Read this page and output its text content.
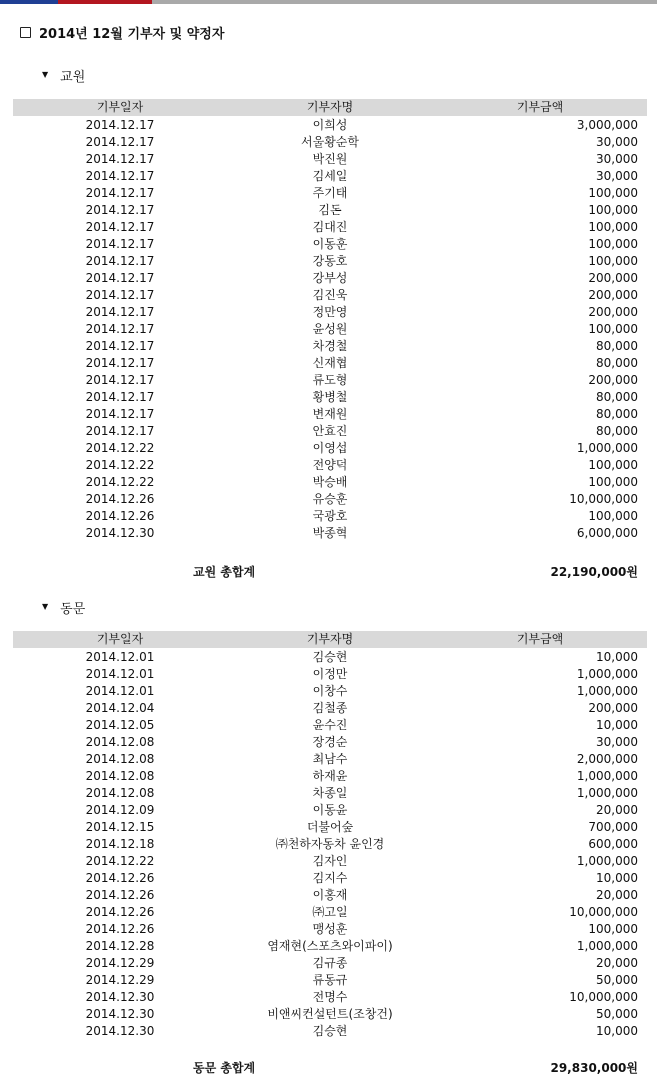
2014년 12월 기부자 및 약정자
▼ 교원
기부일자	기부자명	기부금액
2014.12.17	이희성	3,000,000
2014.12.17	서울황순학	30,000
2014.12.17	박진원	30,000
2014.12.17	김세일	30,000
2014.12.17	주기태	100,000
2014.12.17	김돈	100,000
2014.12.17	김대진	100,000
2014.12.17	이동훈	100,000
2014.12.17	강동호	100,000
2014.12.17	강부성	200,000
2014.12.17	김진욱	200,000
2014.12.17	정만영	200,000
2014.12.17	윤성원	100,000
2014.12.17	차경철	80,000
2014.12.17	신재협	80,000
2014.12.17	류도형	200,000
2014.12.17	황병철	80,000
2014.12.17	변재원	80,000
2014.12.17	안효진	80,000
2014.12.22	이영섭	1,000,000
2014.12.22	전양덕	100,000
2014.12.22	박승배	100,000
2014.12.26	유승훈	10,000,000
2014.12.26	국광호	100,000
2014.12.30	박종혁	6,000,000
교원 총합계	22,190,000원
▼ 동문
기부일자	기부자명	기부금액
2014.12.01	김승현	10,000
2014.12.01	이정만	1,000,000
2014.12.01	이창수	1,000,000
2014.12.04	김철종	200,000
2014.12.05	윤수진	10,000
2014.12.08	장경순	30,000
2014.12.08	최남수	2,000,000
2014.12.08	하재윤	1,000,000
2014.12.08	차종일	1,000,000
2014.12.09	이동윤	20,000
2014.12.15	더불어숲	700,000
2014.12.18	㈜천하자동차 윤인경	600,000
2014.12.22	김자인	1,000,000
2014.12.26	김지수	10,000
2014.12.26	이홍재	20,000
2014.12.26	㈜고일	10,000,000
2014.12.26	맹성훈	100,000
2014.12.28	염재현(스포츠와이파이)	1,000,000
2014.12.29	김규종	20,000
2014.12.29	류동규	50,000
2014.12.30	전명수	10,000,000
2014.12.30	비앤씨컨설턴트(조창건)	50,000
2014.12.30	김승현	10,000
동문 총합계	29,830,000원
